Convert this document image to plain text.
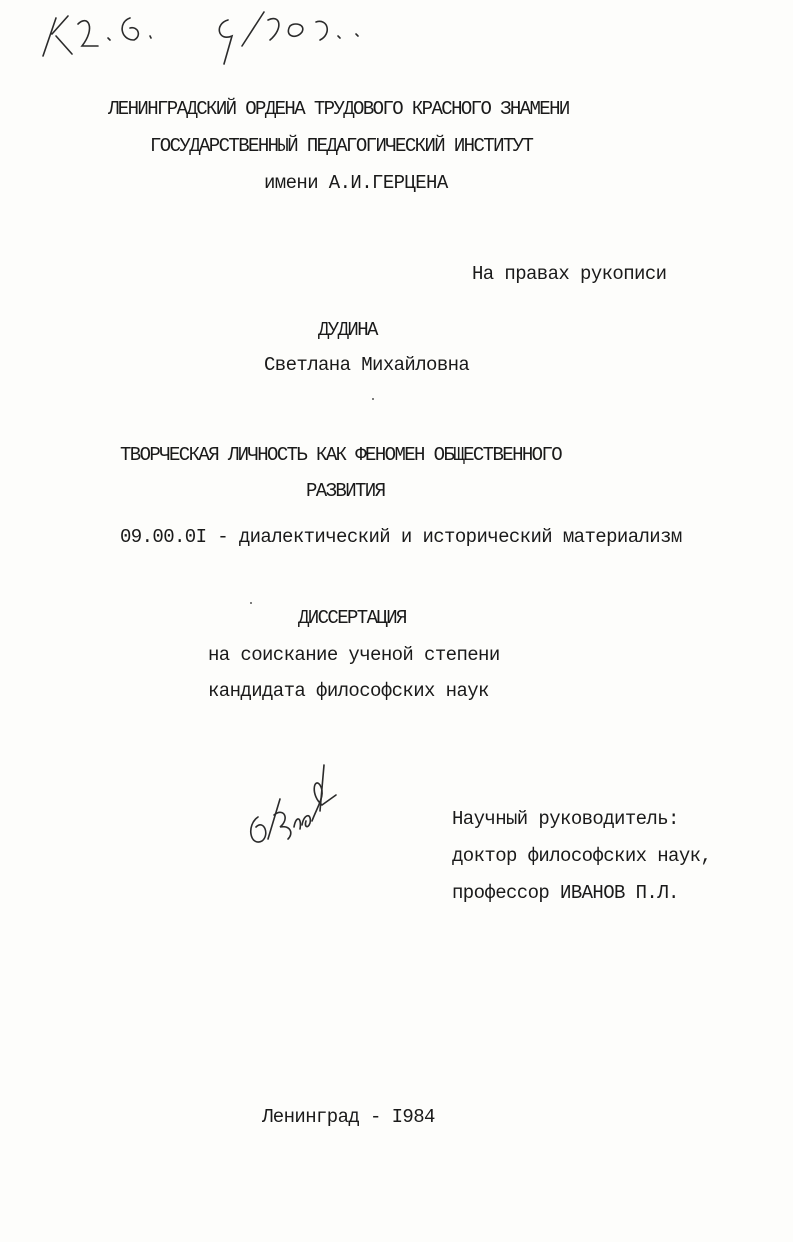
КГ: 8! 9/7.5 ...
ЛЕНИНГРАДСКИЙ ОРДЕНА ТРУДОВОГО КРАСНОГО ЗНАМЕНИ
ГОСУДАРСТВЕННЫЙ ПЕДАГОГИЧЕСКИЙ ИНСТИТУТ
имени А.И.ГЕРЦЕНА
На правах рукописи
ДУДИНА
Светлана Михайловна
ТВОРЧЕСКАЯ ЛИЧНОСТЬ КАК ФЕНОМЕН ОБЩЕСТВЕННОГО
РАЗВИТИЯ
09.00.0I - диалектический и исторический материализм
ДИССЕРТАЦИЯ
на соискание ученой степени
кандидата философских наук
Сидорова
Научный руководитель:
доктор философских наук,
профессор ИВАНОВ П.Л.
Ленинград - I984
